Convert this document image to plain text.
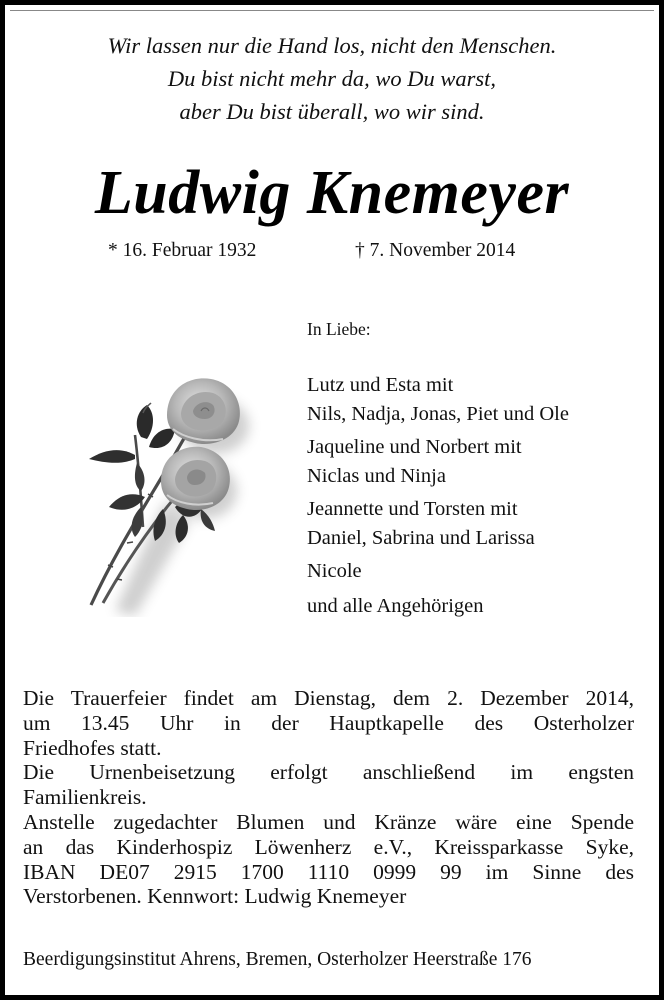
Wir lassen nur die Hand los, nicht den Menschen.
Du bist nicht mehr da, wo Du warst,
aber Du bist überall, wo wir sind.
Ludwig Knemeyer
* 16. Februar 1932	† 7. November 2014
In Liebe:
Lutz und Esta mit
Nils, Nadja, Jonas, Piet und Ole
Jaqueline und Norbert mit
Niclas und Ninja
Jeannette und Torsten mit
Daniel, Sabrina und Larissa
Nicole
und alle Angehörigen

Die Trauerfeier findet am Dienstag, dem 2. Dezember 2014,
um 13.45 Uhr in der Hauptkapelle des Osterholzer
Friedhofes statt.

Die Urnenbeisetzung erfolgt anschließend im engsten
Familienkreis.

Anstelle zugedachter Blumen und Kränze wäre eine Spende
an das Kinderhospiz Löwenherz e.V., Kreissparkasse Syke,
IBAN DE07 2915 1700 1110 0999 99 im Sinne des
Verstorbenen. Kennwort: Ludwig Knemeyer

Beerdigungsinstitut Ahrens, Bremen, Osterholzer Heerstraße 176
